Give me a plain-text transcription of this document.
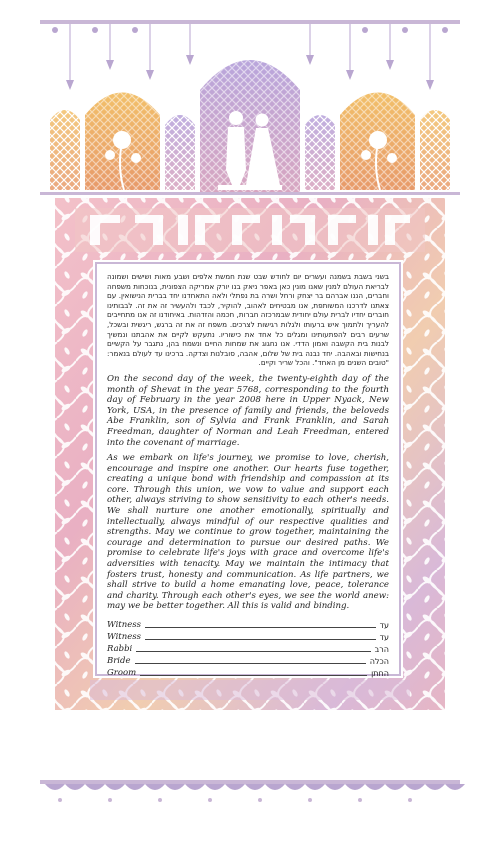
בשני בשבת בשמנה ועשרים יום לחודש שבט שנת חמשת אלפים ושבע מאות ושישים ושמונה לבריאת העולם למנין שאנו מונין כאן באפר ניאק בנו יורק אמריקה הצפונית, בנוכחות משפחה וחברים, הננו אברהם בר יצחק ורחל ושרה בת נפתלי ולאה התאחדנו יחד בברית הנישואין. עם צאתנו לדרכנו המשותפת, אנו מבטיחים לאהוב, להוקיר, לכבד ולהעשיר זה את זה. לבבותינו חוברים יחדיו לברית עולם יחודית שבמרכזה חברות, חכמה והזדהות. באיחודנו זה אנו מתחייבים להעריך ולתמוך איש ברעותו ולגלות רגישות לצרכים. משפח זה את זה ברגש, ריגשית ובשכל, שרעים רבים להפתעותינו ומגלים כל אחד את כישוריו. נתעקש לקיים את אהבתנו ונמשיך לבנות בית הקשבה ואמון הדדי. אנו נחגוג את שמחות החיים ונשמח בהן, נתגבר על הקשיים בנחישות ובאהבה. יחד נבנה בית של שלום, אהבה, סובלנות וצדקה. ברכינו עד לעולם בנאמר: "טובים השנים מן האחד". והכל שריר וקיים.

On the second day of the week, the twenty-eighth day of the month of Shevat in the year 5768, corresponding to the fourth day of February in the year 2008 here in Upper Nyack, New York, USA, in the presence of family and friends, the beloveds Abe Franklin, son of Sylvia and Frank Franklin, and Sarah Freedman, daughter of Norman and Leah Freedman, entered into the covenant of marriage.

As we embark on life's journey, we promise to love, cherish, encourage and inspire one another. Our hearts fuse together, creating a unique bond with friendship and compassion at its core. Through this union, we vow to value and support each other, always striving to show sensitivity to each other's needs. We shall nurture one another emotionally, spiritually and intellectually, always mindful of our respective qualities and strengths. May we continue to grow together, maintaining the courage and determination to pursue our desired paths. We promise to celebrate life's joys with grace and overcome life's adversities with tenacity. May we maintain the intimacy that fosters trust, honesty and communication. As life partners, we shall strive to build a home emanating love, peace, tolerance and charity. Through each other's eyes, we see the world anew: may we be better together. All this is valid and binding.

Witness	עד
Witness	עד
Rabbi	הרב
Bride	הכלה
Groom	החתן
